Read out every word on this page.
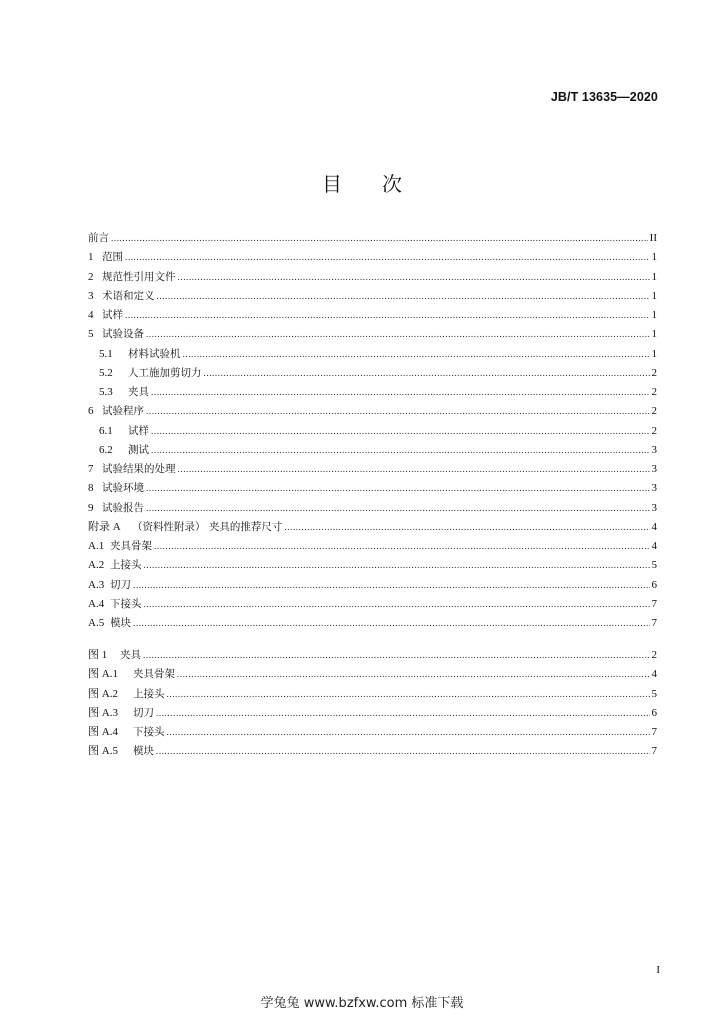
JB/T 13635—2020
目 次
前言 .....	II
1 范围 .....	1
2 规范性引用文件 .....	1
3 术语和定义 .....	1
4 试样 .....	1
5 试验设备 .....	1
5.1 材料试验机 .....	1
5.2 人工施加剪切力 .....	2
5.3 夹具 .....	2
6 试验程序 .....	2
6.1 试样 .....	2
6.2 测试 .....	3
7 试验结果的处理 .....	3
8 试验环境 .....	3
9 试验报告 .....	3
附录 A （资料性附录） 夹具的推荐尺寸 .....	4
A.1 夹具骨架 .....	4
A.2 上接头 .....	5
A.3 切刀 .....	6
A.4 下接头 .....	7
A.5 模块 .....	7
图 1 夹具 .....	2
图 A.1 夹具骨架 .....	4
图 A.2 上接头 .....	5
图 A.3 切刀 .....	6
图 A.4 下接头 .....	7
图 A.5 模块 .....	7
I
学兔兔 www.bzfxw.com 标准下载
